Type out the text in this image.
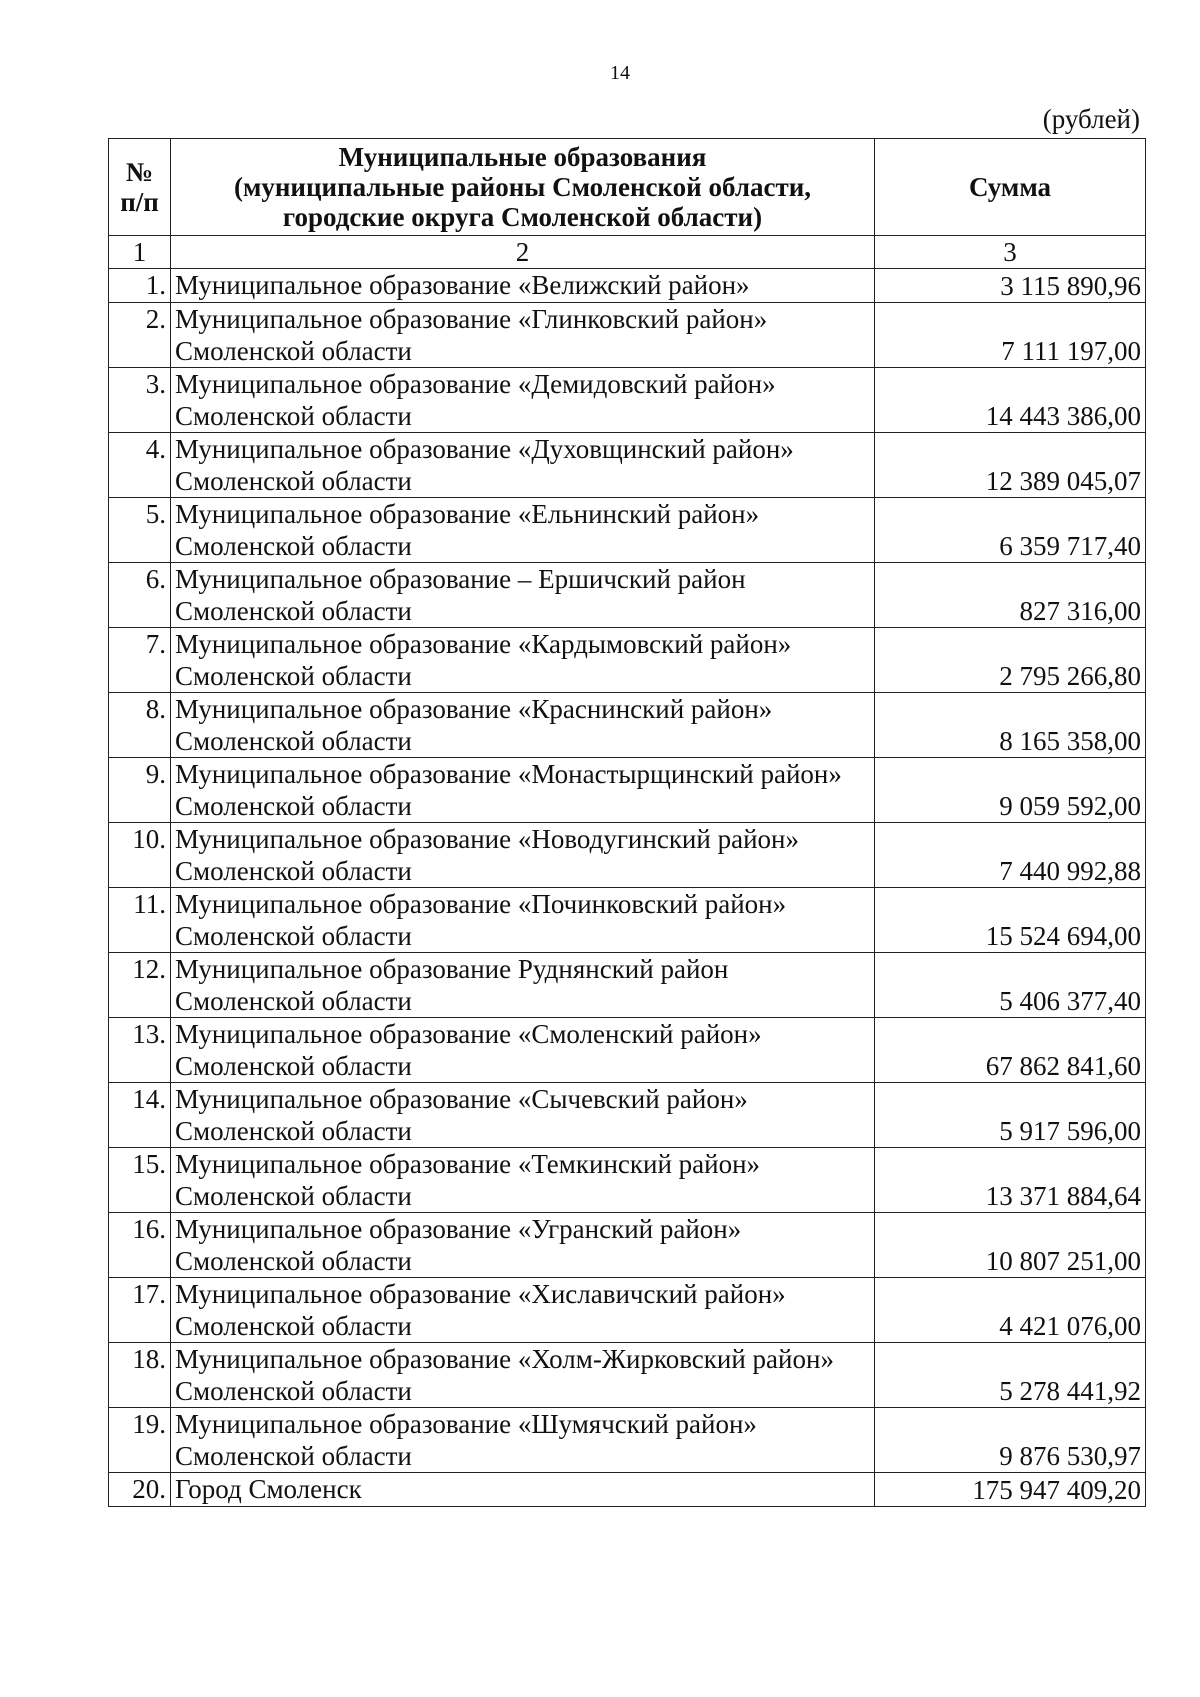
14
(рублей)
№ п/п	Муниципальные образования
(муниципальные районы Смоленской области,
городские округа Смоленской области)	Сумма
1	2	3
1.	Муниципальное образование «Велижский район»	3 115 890,96
2.	Муниципальное образование «Глинковский район»
Смоленской области	7 111 197,00
3.	Муниципальное образование «Демидовский район»
Смоленской области	14 443 386,00
4.	Муниципальное образование «Духовщинский район»
Смоленской области	12 389 045,07
5.	Муниципальное образование «Ельнинский район»
Смоленской области	6 359 717,40
6.	Муниципальное образование – Ершичский район
Смоленской области	827 316,00
7.	Муниципальное образование «Кардымовский район»
Смоленской области	2 795 266,80
8.	Муниципальное образование «Краснинский район»
Смоленской области	8 165 358,00
9.	Муниципальное образование «Монастырщинский район»
Смоленской области	9 059 592,00
10.	Муниципальное образование «Новодугинский район»
Смоленской области	7 440 992,88
11.	Муниципальное образование «Починковский район»
Смоленской области	15 524 694,00
12.	Муниципальное образование Руднянский район
Смоленской области	5 406 377,40
13.	Муниципальное образование «Смоленский район»
Смоленской области	67 862 841,60
14.	Муниципальное образование «Сычевский район»
Смоленской области	5 917 596,00
15.	Муниципальное образование «Темкинский район»
Смоленской области	13 371 884,64
16.	Муниципальное образование «Угранский район»
Смоленской области	10 807 251,00
17.	Муниципальное образование «Хиславичский район»
Смоленской области	4 421 076,00
18.	Муниципальное образование «Холм-Жирковский район»
Смоленской области	5 278 441,92
19.	Муниципальное образование «Шумячский район»
Смоленской области	9 876 530,97
20.	Город Смоленск	175 947 409,20
